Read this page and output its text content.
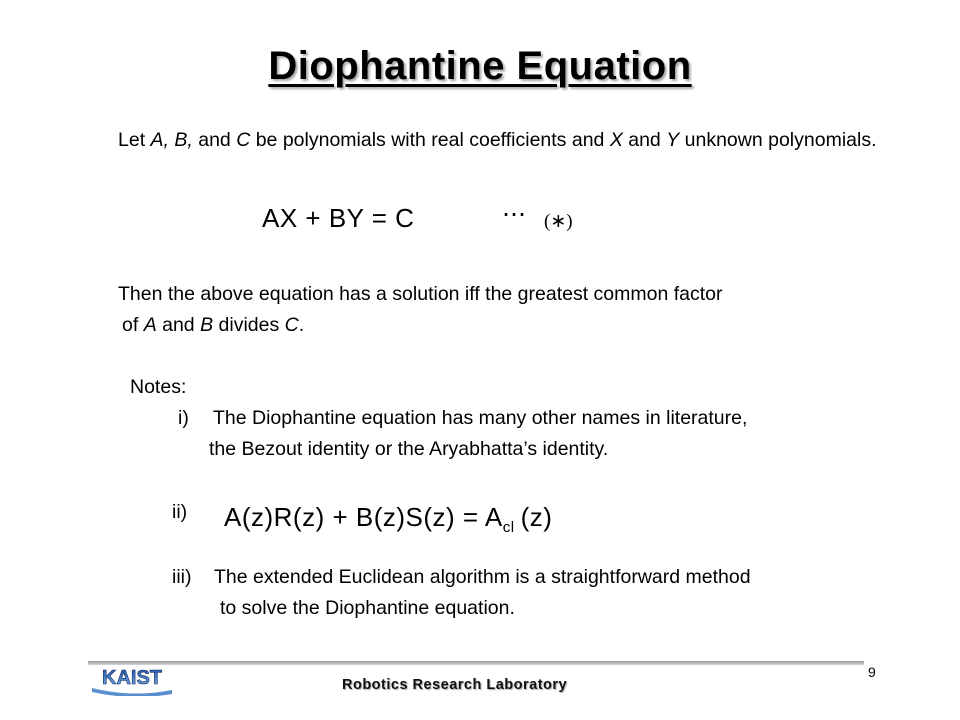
Diophantine Equation
Let A, B, and C be polynomials with real coefficients and X and Y unknown polynomials.
AX + BY = C	⋯ (∗)
Then the above equation has a solution iff the greatest common factor
of A and B divides C.
Notes:
i) The Diophantine equation has many other names in literature,
the Bezout identity or the Aryabhatta’s identity.
ii) $A(z)R(z) + B(z)S(z) = A_{cl}$ (z)
iii) The extended Euclidean algorithm is a straightforward method
to solve the Diophantine equation.
KAIST	Robotics Research Laboratory
9
